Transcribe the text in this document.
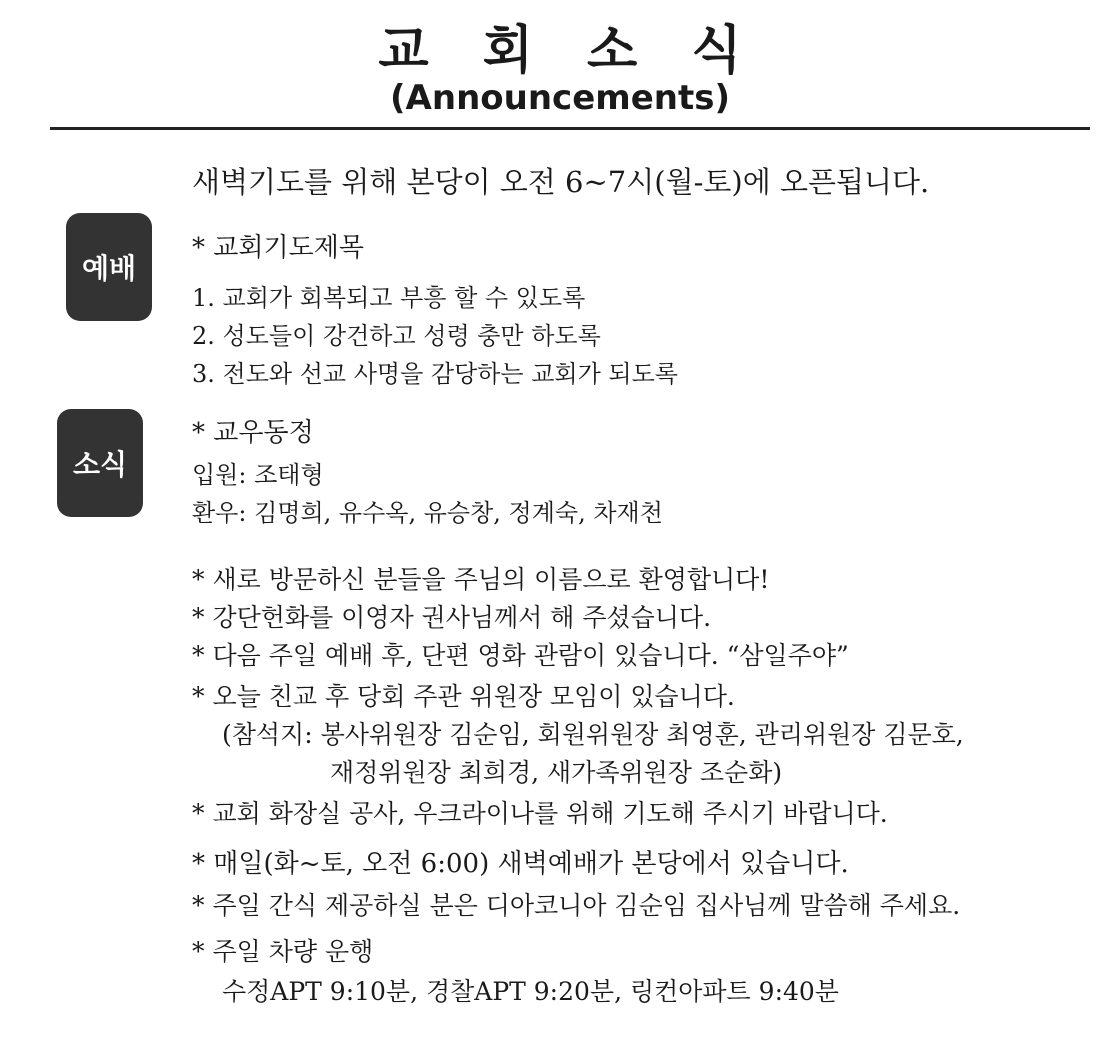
교 회 소 식
(Announcements)
새벽기도를 위해 본당이 오전 6~7시(월-토)에 오픈됩니다.
예배
소식
* 교회기도제목
1. 교회가 회복되고 부흥 할 수 있도록
2. 성도들이 강건하고 성령 충만 하도록
3. 전도와 선교 사명을 감당하는 교회가 되도록
* 교우동정
입원: 조태형
환우: 김명희, 유수옥, 유승창, 정계숙, 차재천
* 새로 방문하신 분들을 주님의 이름으로 환영합니다!
* 강단헌화를 이영자 권사님께서 해 주셨습니다.
* 다음 주일 예배 후, 단편 영화 관람이 있습니다. “삼일주야”
* 오늘 친교 후 당회 주관 위원장 모임이 있습니다.
(참석지: 봉사위원장 김순임, 회원위원장 최영훈, 관리위원장 김문호,
재정위원장 최희경, 새가족위원장 조순화)
* 교회 화장실 공사, 우크라이나를 위해 기도해 주시기 바랍니다.
* 매일(화~토, 오전 6:00) 새벽예배가 본당에서 있습니다.
* 주일 간식 제공하실 분은 디아코니아 김순임 집사님께 말씀해 주세요.
* 주일 차량 운행
수정APT 9:10분, 경찰APT 9:20분, 링컨아파트 9:40분
